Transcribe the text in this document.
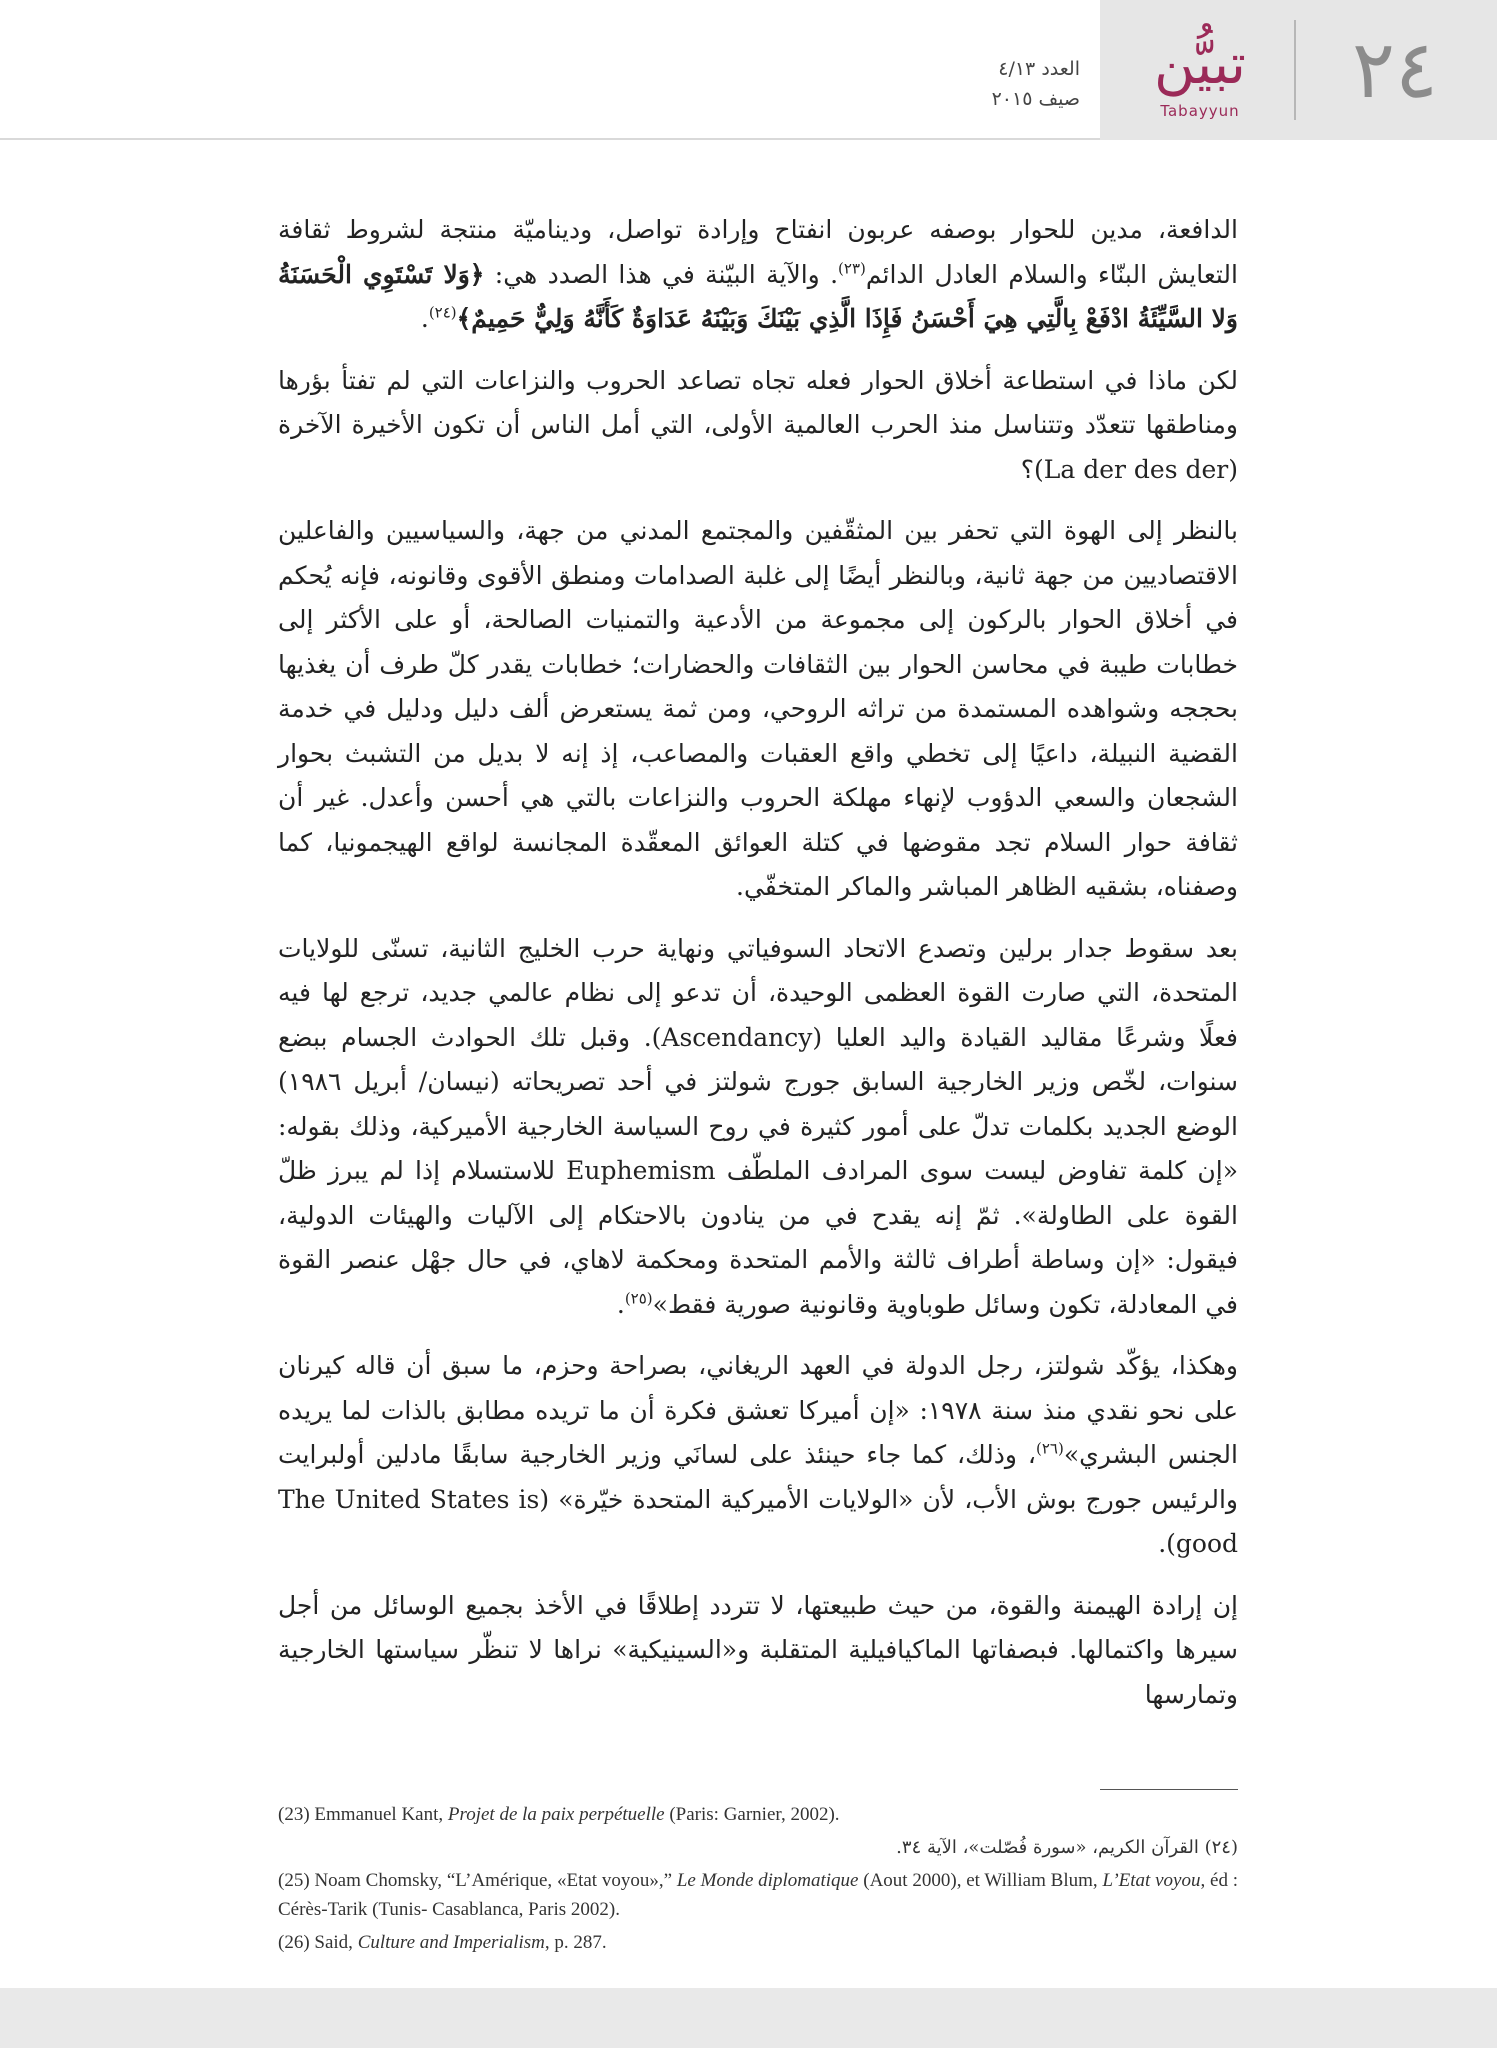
العدد ٤/١٣
صيف ٢٠١٥
تبيُّن
Tabayyun	٢٤

الدافعة، مدين للحوار بوصفه عربون انفتاح وإرادة تواصل، وديناميّة منتجة لشروط ثقافة التعايش البنّاء والسلام العادل الدائم$^{(٢٣)}$. والآية البيّنة في هذا الصدد هي: ﴿وَلا تَسْتَوِي الْحَسَنَةُ وَلا السَّيِّئَةُ ادْفَعْ بِالَّتِي هِيَ أَحْسَنُ فَإِذَا الَّذِي بَيْنَكَ وَبَيْنَهُ عَدَاوَةٌ كَأَنَّهُ وَلِيٌّ حَمِيمٌ﴾$^{(٢٤)}$.

لكن ماذا في استطاعة أخلاق الحوار فعله تجاه تصاعد الحروب والنزاعات التي لم تفتأ بؤرها ومناطقها تتعدّد وتتناسل منذ الحرب العالمية الأولى، التي أمل الناس أن تكون الأخيرة الآخرة (La der des der)؟

بالنظر إلى الهوة التي تحفر بين المثقّفين والمجتمع المدني من جهة، والسياسيين والفاعلين الاقتصاديين من جهة ثانية، وبالنظر أيضًا إلى غلبة الصدامات ومنطق الأقوى وقانونه، فإنه يُحكم في أخلاق الحوار بالركون إلى مجموعة من الأدعية والتمنيات الصالحة، أو على الأكثر إلى خطابات طيبة في محاسن الحوار بين الثقافات والحضارات؛ خطابات يقدر كلّ طرف أن يغذيها بحججه وشواهده المستمدة من تراثه الروحي، ومن ثمة يستعرض ألف دليل ودليل في خدمة القضية النبيلة، داعيًا إلى تخطي واقع العقبات والمصاعب، إذ إنه لا بديل من التشبث بحوار الشجعان والسعي الدؤوب لإنهاء مهلكة الحروب والنزاعات بالتي هي أحسن وأعدل. غير أن ثقافة حوار السلام تجد مقوضها في كتلة العوائق المعقّدة المجانسة لواقع الهيجمونيا، كما وصفناه، بشقيه الظاهر المباشر والماكر المتخفّي.

بعد سقوط جدار برلين وتصدع الاتحاد السوفياتي ونهاية حرب الخليج الثانية، تسنّى للولايات المتحدة، التي صارت القوة العظمى الوحيدة، أن تدعو إلى نظام عالمي جديد، ترجع لها فيه فعلًا وشرعًا مقاليد القيادة واليد العليا (Ascendancy). وقبل تلك الحوادث الجسام ببضع سنوات، لخّص وزير الخارجية السابق جورج شولتز في أحد تصريحاته (نيسان/ أبريل ١٩٨٦) الوضع الجديد بكلمات تدلّ على أمور كثيرة في روح السياسة الخارجية الأميركية، وذلك بقوله: «إن كلمة تفاوض ليست سوى المرادف الملطّف Euphemism للاستسلام إذا لم يبرز ظلّ القوة على الطاولة». ثمّ إنه يقدح في من ينادون بالاحتكام إلى الآليات والهيئات الدولية، فيقول: «إن وساطة أطراف ثالثة والأمم المتحدة ومحكمة لاهاي، في حال جهْل عنصر القوة في المعادلة، تكون وسائل طوباوية وقانونية صورية فقط»$^{(٢٥)}$.

وهكذا، يؤكّد شولتز، رجل الدولة في العهد الريغاني، بصراحة وحزم، ما سبق أن قاله كيرنان على نحو نقدي منذ سنة ١٩٧٨: «إن أميركا تعشق فكرة أن ما تريده مطابق بالذات لما يريده الجنس البشري»$^{(٢٦)}$، وذلك، كما جاء حينئذ على لسانَي وزير الخارجية سابقًا مادلين أولبرايت والرئيس جورج بوش الأب، لأن «الولايات الأميركية المتحدة خيّرة» (The United States is good).

إن إرادة الهيمنة والقوة، من حيث طبيعتها، لا تتردد إطلاقًا في الأخذ بجميع الوسائل من أجل سيرها واكتمالها. فبصفاتها الماكيافيلية المتقلبة و«السينيكية» نراها لا تنظّر سياستها الخارجية وتمارسها

(23) Emmanuel Kant, Projet de la paix perpétuelle (Paris: Garnier, 2002).
(٢٤) القرآن الكريم، «سورة فُصّلت»، الآية ٣٤.
(25) Noam Chomsky, “L’Amérique, «Etat voyou»,” Le Monde diplomatique (Aout 2000), et William Blum, L’Etat voyou, éd : Cérès-Tarik (Tunis- Casablanca, Paris 2002).
(26) Said, Culture and Imperialism, p. 287.
